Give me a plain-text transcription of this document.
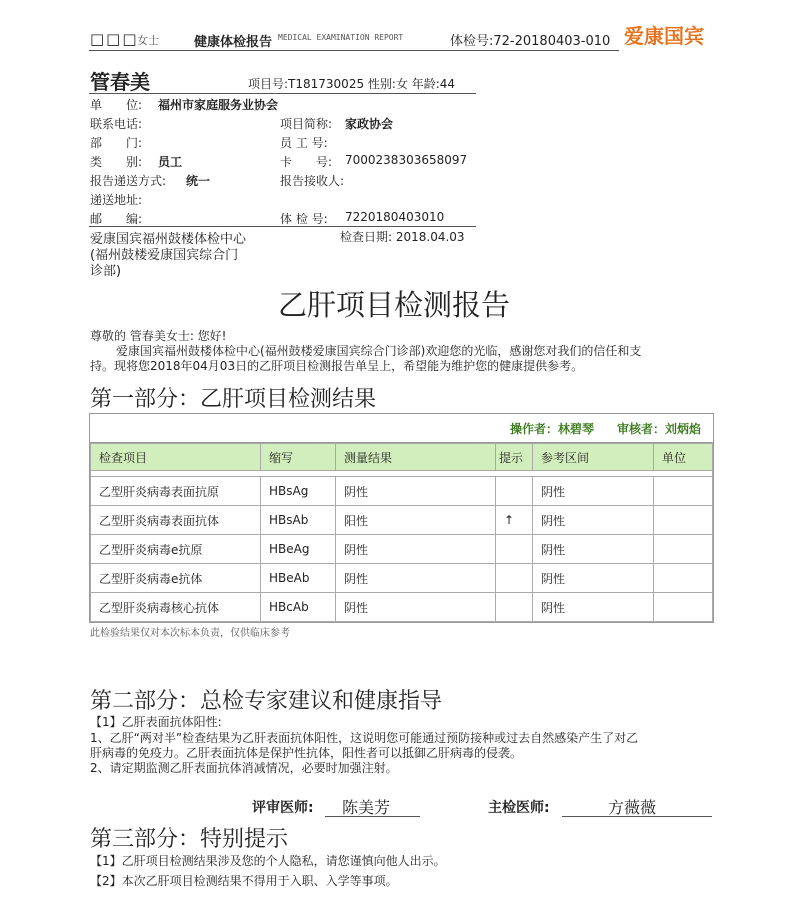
□□□
女士	健康体检报告 MEDICAL EXAMINATION REPORT	体检号:72-20180403-010 爱康国宾
管春美	项目号:T181730025 性别:女 年龄:44
单　　位: 福州市家庭服务业协会
联系电话:	项目简称: 家政协会
部　　门:	员 工 号:
类　　别: 员工	卡　　号: 7000238303658097
报告递送方式: 统一	报告接收人:
递送地址:
邮　　编:	体 检 号: 7220180403010
爱康国宾福州鼓楼体检中心
(福州鼓楼爱康国宾综合门
诊部)
检查日期: 2018.04.03
乙肝项目检测报告
尊敬的 管春美女士: 您好!
爱康国宾福州鼓楼体检中心(福州鼓楼爱康国宾综合门诊部)欢迎您的光临，感谢您对我们的信任和支
持。现将您2018年04月03日的乙肝项目检测报告单呈上，希望能为维护您的健康提供参考。
第一部分：乙肝项目检测结果
操作者：林碧琴 审核者：刘炳焰
检查项目	缩写	测量结果	提示	参考区间	单位

乙型肝炎病毒表面抗原	HBsAg	阴性		阴性	
乙型肝炎病毒表面抗体	HBsAb	阳性	↑	阴性	
乙型肝炎病毒e抗原	HBeAg	阴性		阴性	
乙型肝炎病毒e抗体	HBeAb	阴性		阴性	
乙型肝炎病毒核心抗体	HBcAb	阴性		阴性	
此检验结果仅对本次标本负责，仅供临床参考
第二部分：总检专家建议和健康指导
【1】乙肝表面抗体阳性:
1、乙肝“两对半”检查结果为乙肝表面抗体阳性，这说明您可能通过预防接种或过去自然感染产生了对乙
肝病毒的免疫力。乙肝表面抗体是保护性抗体，阳性者可以抵御乙肝病毒的侵袭。
2、请定期监测乙肝表面抗体消减情况，必要时加强注射。
评审医师: 陈美芳	主检医师:	方薇薇
第三部分：特别提示
【1】乙肝项目检测结果涉及您的个人隐私，请您谨慎向他人出示。
【2】本次乙肝项目检测结果不得用于入职、入学等事项。
